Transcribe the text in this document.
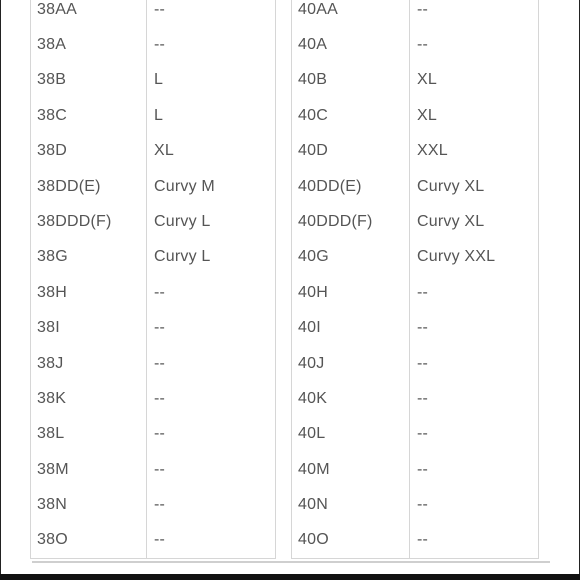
38AA	--
38A	--
38B	L
38C	L
38D	XL
38DD(E)	Curvy M
38DDD(F)	Curvy L
38G	Curvy L
38H	--
38I	--
38J	--
38K	--
38L	--
38M	--
38N	--
38O	--
40AA	--
40A	--
40B	XL
40C	XL
40D	XXL
40DD(E)	Curvy XL
40DDD(F)	Curvy XL
40G	Curvy XXL
40H	--
40I	--
40J	--
40K	--
40L	--
40M	--
40N	--
40O	--
